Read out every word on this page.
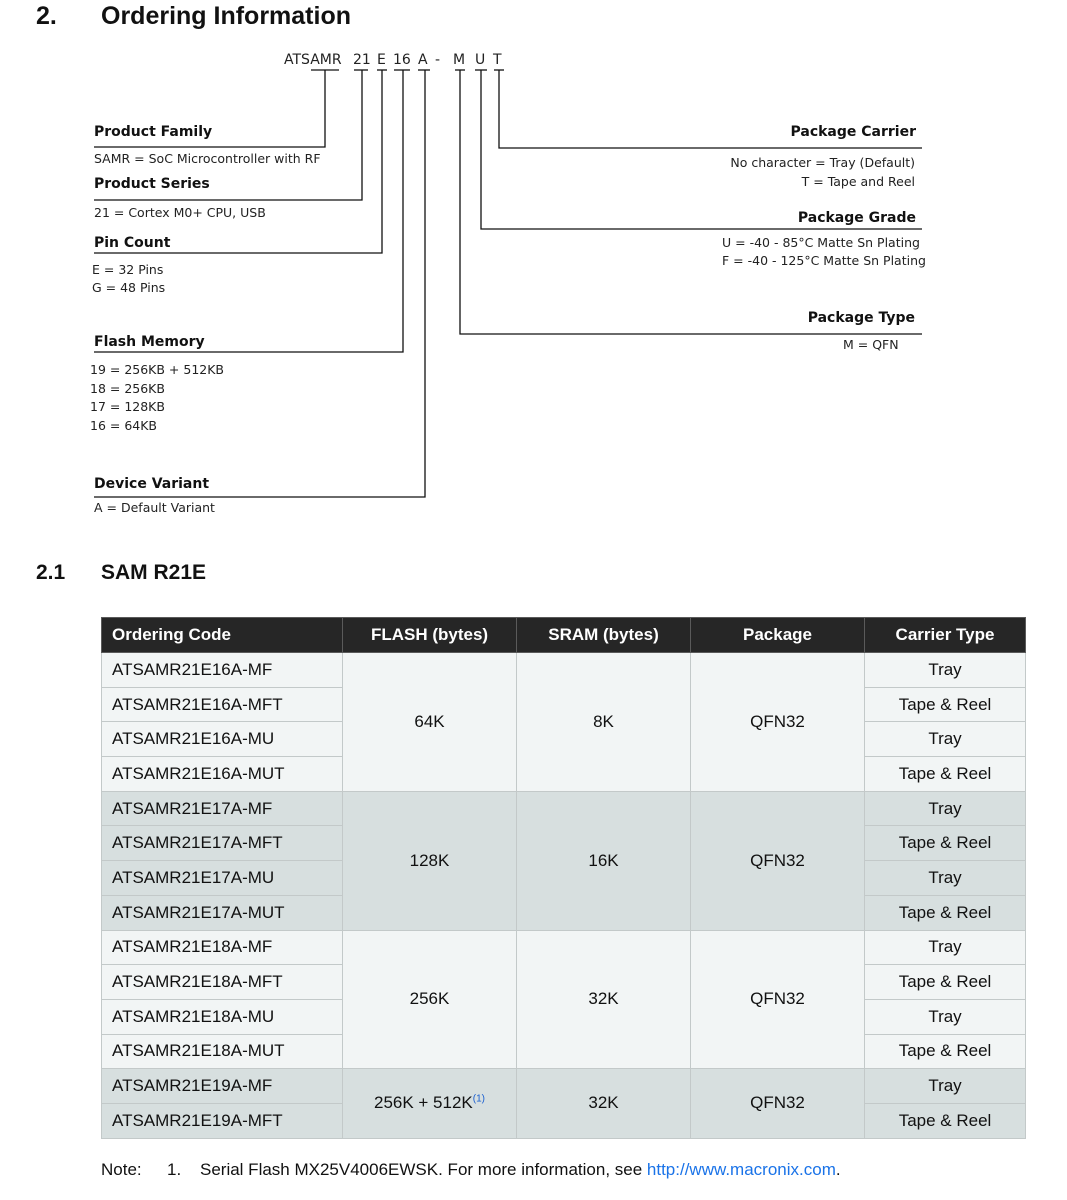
2. Ordering Information
ATSAMR 21 E 16 A - M U T
Product Family
SAMR = SoC Microcontroller with RF
Product Series
21 = Cortex M0+ CPU, USB
Pin Count
E = 32 Pins
G = 48 Pins
Flash Memory
19 = 256KB + 512KB
18 = 256KB
17 = 128KB
16 = 64KB
Device Variant
A = Default Variant
Package Carrier
No character = Tray (Default)
T = Tape and Reel
Package Grade
U = -40 - 85°C Matte Sn Plating
F = -40 - 125°C Matte Sn Plating
Package Type
M = QFN
2.1 SAM R21E
Ordering Code	FLASH (bytes)	SRAM (bytes)	Package	Carrier Type
ATSAMR21E16A-MF	64K	8K	QFN32	Tray
ATSAMR21E16A-MFT				Tape & Reel
ATSAMR21E16A-MU				Tray
ATSAMR21E16A-MUT				Tape & Reel
ATSAMR21E17A-MF	128K	16K	QFN32	Tray
ATSAMR21E17A-MFT				Tape & Reel
ATSAMR21E17A-MU				Tray
ATSAMR21E17A-MUT				Tape & Reel
ATSAMR21E18A-MF	256K	32K	QFN32	Tray
ATSAMR21E18A-MFT				Tape & Reel
ATSAMR21E18A-MU				Tray
ATSAMR21E18A-MUT				Tape & Reel
ATSAMR21E19A-MF	$256K + 512K^{(1)}$	32K	QFN32	Tray
ATSAMR21E19A-MFT				Tape & Reel
Note: 1. Serial Flash MX25V4006EWSK. For more information, see http://www.macronix.com.
